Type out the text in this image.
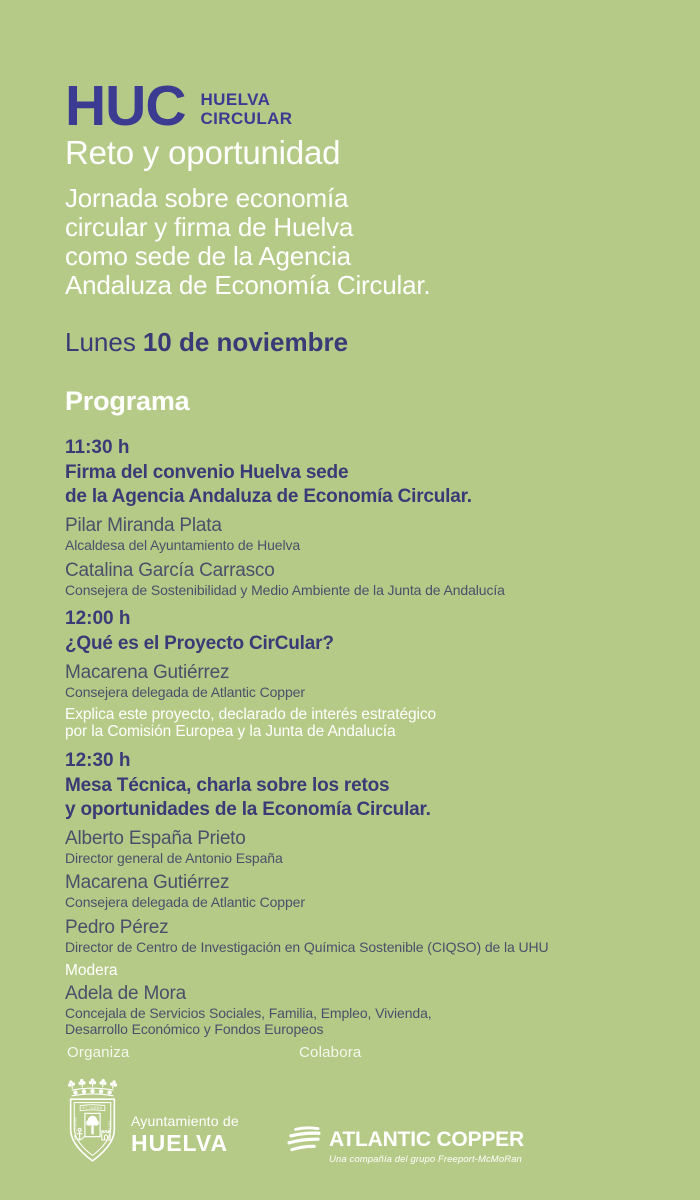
HUC HUELVA
CIRCULAR
Reto y oportunidad

Jornada sobre economía
circular y firma de Huelva
como sede de la Agencia
Andaluza de Economía Circular.

Lunes 10 de noviembre

Programa
11:30 h
Firma del convenio Huelva sede
de la Agencia Andaluza de Economía Circular.
Pilar Miranda Plata
Alcaldesa del Ayuntamiento de Huelva
Catalina García Carrasco
Consejera de Sostenibilidad y Medio Ambiente de la Junta de Andalucía
12:00 h
¿Qué es el Proyecto CirCular?
Macarena Gutiérrez
Consejera delegada de Atlantic Copper
Explica este proyecto, declarado de interés estratégico
por la Comisión Europea y la Junta de Andalucía
12:30 h
Mesa Técnica, charla sobre los retos
y oportunidades de la Economía Circular.
Alberto España Prieto
Director general de Antonio España
Macarena Gutiérrez
Consejera delegada de Atlantic Copper
Pedro Pérez
Director de Centro de Investigación en Química Sostenible (CIQSO) de la UHU
Modera
Adela de Mora
Concejala de Servicios Sociales, Familia, Empleo, Vivienda,
Desarrollo Económico y Fondos Europeos
Organiza	Colabora
ET TERRA
PORTUS MARIS	CUSTODIA Ayuntamiento de
HUELVA	ATLANTIC COPPER
Una compañía del grupo Freeport-McMoRan
